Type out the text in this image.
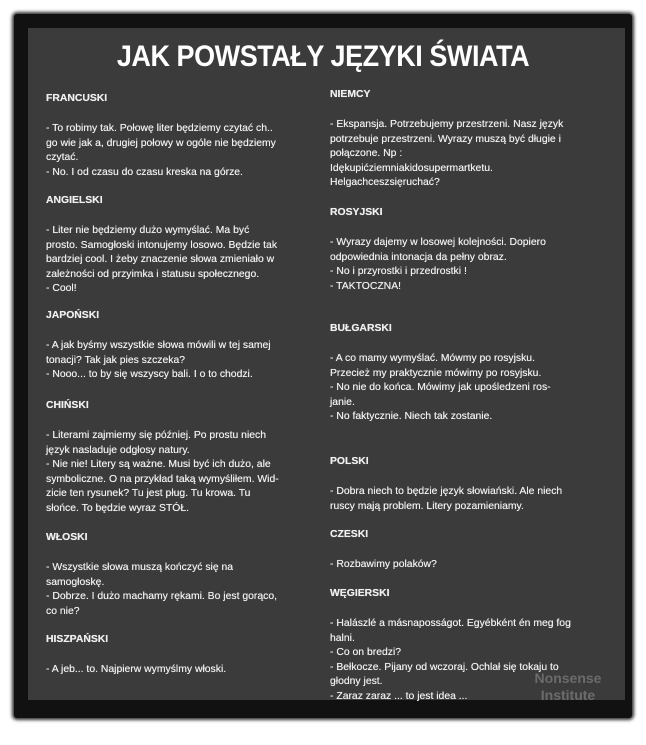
JAK POWSTAŁY JĘZYKI ŚWIATA
FRANCUSKI
- To robimy tak. Połowę liter będziemy czytać ch..
go wie jak a, drugiej połowy w ogóle nie będziemy
czytać.
- No. I od czasu do czasu kreska na górze.
ANGIELSKI
- Liter nie będziemy dużo wymyślać. Ma być
prosto. Samogłoski intonujemy losowo. Będzie tak
bardziej cool. I żeby znaczenie słowa zmieniało w
zależności od przyimka i statusu społecznego.
- Cool!
JAPOŃSKI
- A jak byśmy wszystkie słowa mówili w tej samej
tonacji? Tak jak pies szczeka?
- Nooo... to by się wszyscy bali. I o to chodzi.
CHIŃSKI
- Literami zajmiemy się później. Po prostu niech
język nasladuje odgłosy natury.
- Nie nie! Litery są ważne. Musi być ich dużo, ale
symboliczne. O na przykład taką wymyśliłem. Wid-
zicie ten rysunek? Tu jest pług. Tu krowa. Tu
słońce. To będzie wyraz STÓŁ.
WŁOSKI
- Wszystkie słowa muszą kończyć się na
samogłoskę.
- Dobrze. I dużo machamy rękami. Bo jest gorąco,
co nie?
HISZPAŃSKI
- A jeb... to. Najpierw wymyślmy włoski.
NIEMCY
- Ekspansja. Potrzebujemy przestrzeni. Nasz język
potrzebuje przestrzeni. Wyrazy muszą być długie i
połączone. Np :
Idękupićziemniakidosupermartketu.
Helgachceszsięruchać?
ROSYJSKI
- Wyrazy dajemy w losowej kolejności. Dopiero
odpowiednia intonacja da pełny obraz.
- No i przyrostki i przedrostki !
- TAKTOCZNA!
BUŁGARSKI
- A co mamy wymyślać. Mówmy po rosyjsku.
Przecież my praktycznie mówimy po rosyjsku.
- No nie do końca. Mówimy jak upośledzeni ros-
janie.
- No faktycznie. Niech tak zostanie.
POLSKI
- Dobra niech to będzie język słowiański. Ale niech
ruscy mają problem. Litery pozamieniamy.
CZESKI
- Rozbawimy polaków?
WĘGIERSKI
- Halászlé a másnaposságot. Egyébként én meg fog
halni.
- Co on bredzi?
- Bełkocze. Pijany od wczoraj. Ochlał się tokaju to
głodny jest.
- Zaraz zaraz ... to jest idea ...
Nonsense
Institute
